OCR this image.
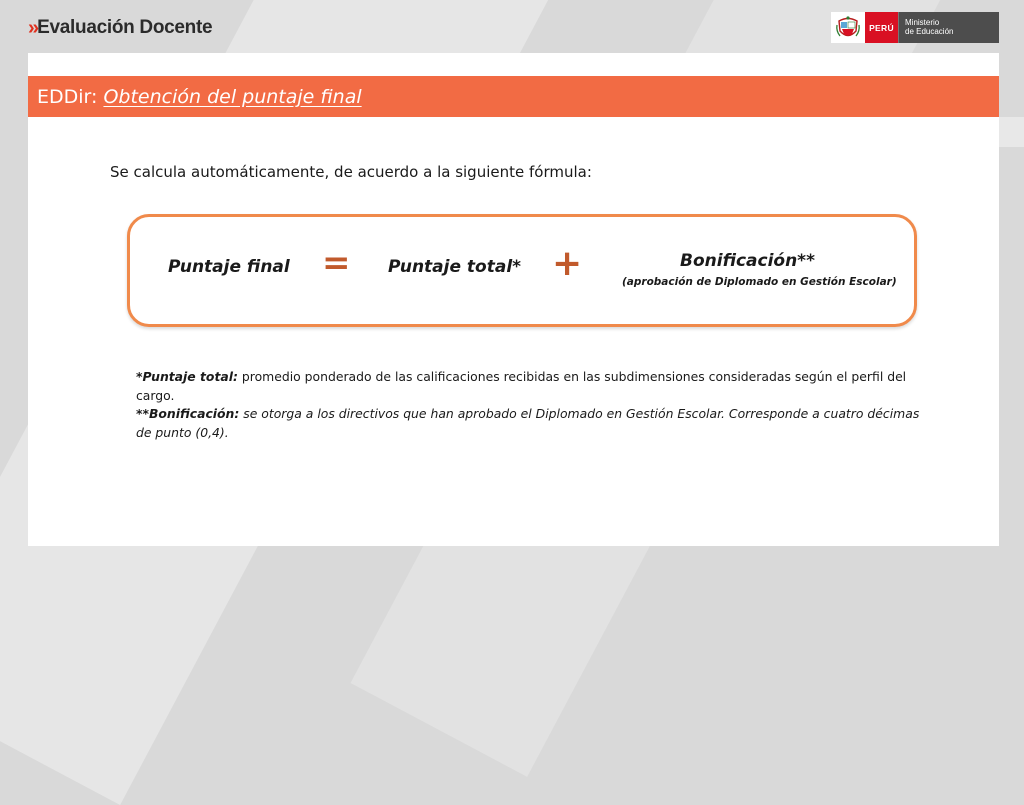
» Evaluación Docente	PERÚ	Ministerio
de Educación
EDDir: Obtención del puntaje final
Se calcula automáticamente, de acuerdo a la siguiente fórmula:
Puntaje final = Puntaje total* +	Bonificación**
(aprobación de Diplomado en Gestión Escolar)
*Puntaje total: promedio ponderado de las calificaciones recibidas en las subdimensiones consideradas según el perfil del cargo.
**Bonificación: se otorga a los directivos que han aprobado el Diplomado en Gestión Escolar. Corresponde a cuatro décimas de punto (0,4).
